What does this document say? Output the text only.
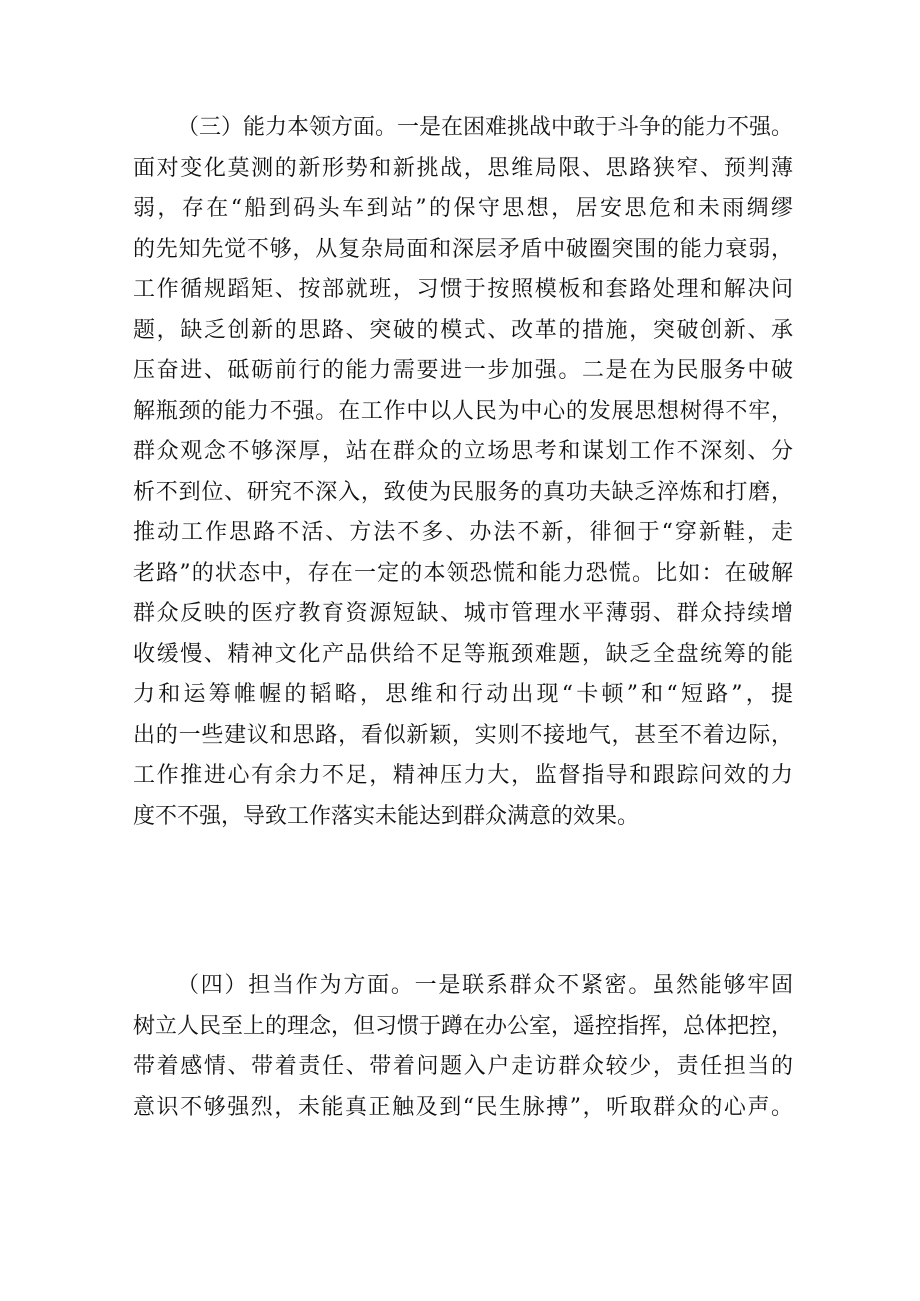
（三）能力本领方面。一是在困难挑战中敢于斗争的能力不强。
面对变化莫测的新形势和新挑战，思维局限、思路狭窄、预判薄
弱，存在“船到码头车到站”的保守思想，居安思危和未雨绸缪
的先知先觉不够，从复杂局面和深层矛盾中破圈突围的能力衰弱，
工作循规蹈矩、按部就班，习惯于按照模板和套路处理和解决问
题，缺乏创新的思路、突破的模式、改革的措施，突破创新、承
压奋进、砥砺前行的能力需要进一步加强。二是在为民服务中破
解瓶颈的能力不强。在工作中以人民为中心的发展思想树得不牢，
群众观念不够深厚，站在群众的立场思考和谋划工作不深刻、分
析不到位、研究不深入，致使为民服务的真功夫缺乏淬炼和打磨，
推动工作思路不活、方法不多、办法不新，徘徊于“穿新鞋，走
老路”的状态中，存在一定的本领恐慌和能力恐慌。比如：在破解
群众反映的医疗教育资源短缺、城市管理水平薄弱、群众持续增
收缓慢、精神文化产品供给不足等瓶颈难题，缺乏全盘统筹的能
力和运筹帷幄的韬略，思维和行动出现“卡顿”和“短路”，提
出的一些建议和思路，看似新颖，实则不接地气，甚至不着边际，
工作推进心有余力不足，精神压力大，监督指导和跟踪问效的力
度不不强，导致工作落实未能达到群众满意的效果。
（四）担当作为方面。一是联系群众不紧密。虽然能够牢固
树立人民至上的理念，但习惯于蹲在办公室，遥控指挥，总体把控，
带着感情、带着责任、带着问题入户走访群众较少，责任担当的
意识不够强烈，未能真正触及到“民生脉搏”，听取群众的心声。
